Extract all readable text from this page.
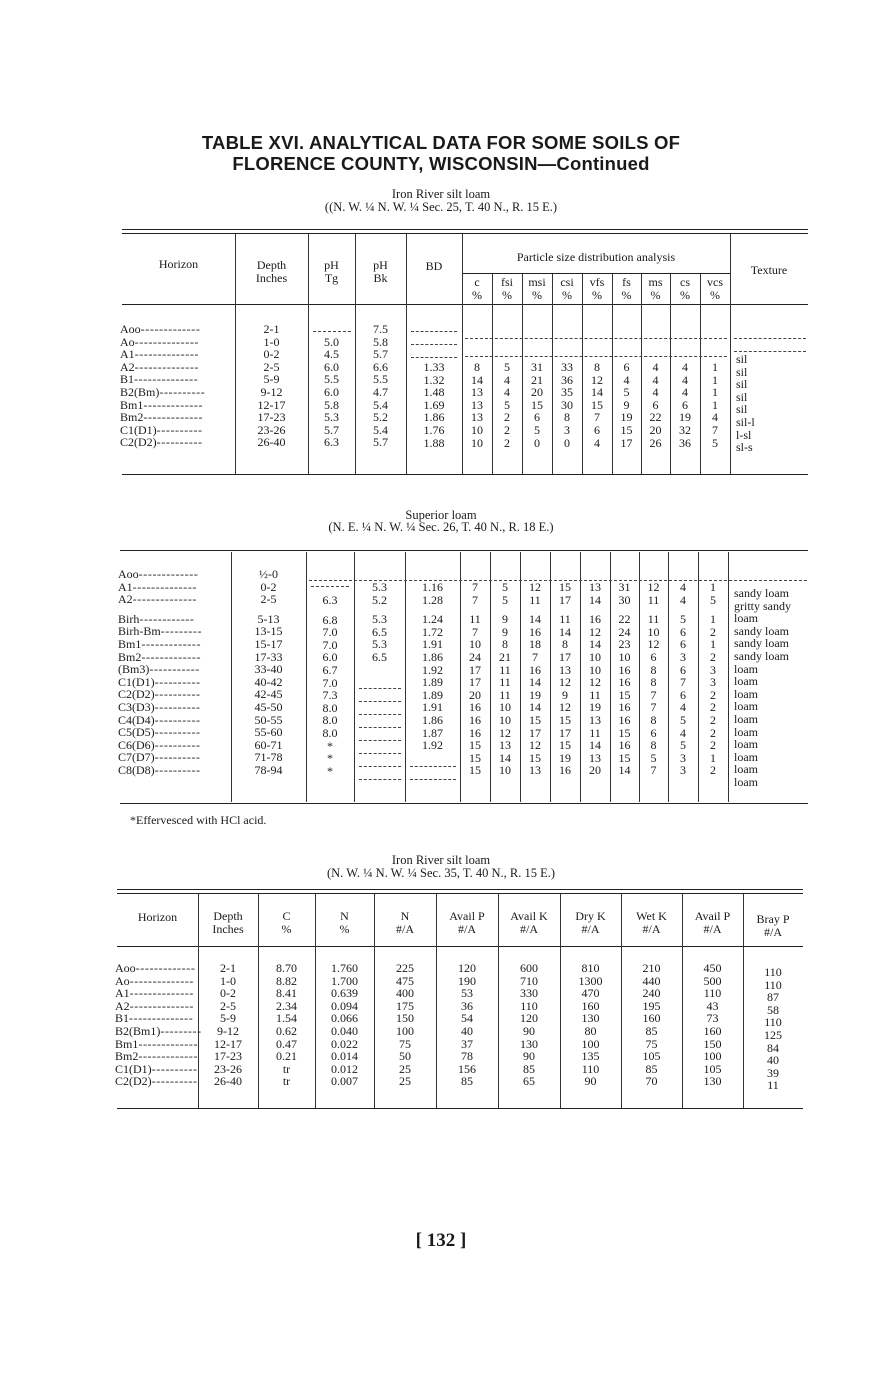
TABLE XVI. ANALYTICAL DATA FOR SOME SOILS OF
FLORENCE COUNTY, WISCONSIN—Continued
Iron River silt loam
((N. W. ¼ N. W. ¼ Sec. 25, T. 40 N., R. 15 E.)
Horizon	Depth
Inches
pH
Tg
pH
Bk
BD
Particle size distribution analysis
c
%
fsi
%
msi
%
csi
%
vfs
%
fs
%
ms
%
cs
%
vcs
%
Texture
Aoo-------------
Ao--------------
A1--------------
A2--------------
B1--------------
B2(Bm)----------
Bm1-------------
Bm2-------------
C1(D1)----------
C2(D2)----------
2-1
1-0
0-2
2-5
5-9
9-12
12-17
17-23
23-26
26-40
5.0
4.5
6.0
5.5
6.0
5.8
5.3
5.7
6.3
7.5
5.8
5.7
6.6
5.5
4.7
5.4
5.2
5.4
5.7
1.33
1.32
1.48
1.69
1.86
1.76
1.88
8
14
13
13
13
10
10
5
4
4
5
2
2
2
31
21
20
15
6
5
0
33
36
35
30
8
3
0
8
12
14
15
7
6
4
6
4
5
9
19
15
17
4
4
4
6
22
20
26
4
4
4
6
19
32
36
1
1
1
1
4
7
5
sil
sil
sil
sil
sil
sil-l
l-sl
sl-s
Superior loam
(N. E. ¼ N. W. ¼ Sec. 26, T. 40 N., R. 18 E.)
Aoo-------------
A1--------------
A2--------------
Birh------------
Birh-Bm---------
Bm1-------------
Bm2-------------
(Bm3)-----------
C1(D1)----------
C2(D2)----------
C3(D3)----------
C4(D4)----------
C5(D5)----------
C6(D6)----------
C7(D7)----------
C8(D8)----------
½-0
0-2
2-5
5-13
13-15
15-17
17-33
33-40
40-42
42-45
45-50
50-55
55-60
60-71
71-78
78-94
6.3
6.8
7.0
7.0
6.0
6.7
7.0
7.3
8.0
8.0
8.0
*
*
*
5.3
5.2
5.3
6.5
5.3
6.5
1.16
1.28
1.24
1.72
1.91
1.86
1.92
1.89
1.89
1.91
1.86
1.87
1.92
7
7
11
7
10
24
17
17
20
16
16
16
15
15
15
5
5
9
9
8
21
11
11
11
10
10
12
13
14
10
12
11
14
16
18
7
16
14
19
14
15
17
12
15
13
15
17
11
14
8
17
13
12
9
12
15
17
15
19
16
13
14
16
12
14
10
10
12
11
19
13
11
14
13
20
31
30
22
24
23
10
16
16
15
16
16
15
16
15
14
12
11
11
10
12
6
8
8
7
7
8
6
8
5
7
4
4
5
6
6
3
6
7
6
4
5
4
5
3
3
1
5
1
2
1
2
3
3
2
2
2
2
2
1
2
sandy loam
gritty sandy
loam
sandy loam
sandy loam
sandy loam
loam
loam
loam
loam
loam
loam
loam
loam
loam
loam
*Effervesced with HCl acid.
Iron River silt loam
(N. W. ¼ N. W. ¼ Sec. 35, T. 40 N., R. 15 E.)
Horizon	Depth
Inches
C
%
N
%
N
#/A
Avail P
#/A
Avail K
#/A
Dry K
#/A
Wet K
#/A
Avail P
#/A
Bray P
#/A
Aoo-------------
Ao--------------
A1--------------
A2--------------
B1--------------
B2(Bm1)---------
Bm1-------------
Bm2-------------
C1(D1)----------
C2(D2)----------
2-1
1-0
0-2
2-5
5-9
9-12
12-17
17-23
23-26
26-40
8.70
8.82
8.41
2.34
1.54
0.62
0.47
0.21
tr
tr
1.760
1.700
0.639
0.094
0.066
0.040
0.022
0.014
0.012
0.007
225
475
400
175
150
100
75
50
25
25
120
190
53
36
54
40
37
78
156
85
600
710
330
110
120
90
130
90
85
65
810
1300
470
160
130
80
100
135
110
90
210
440
240
195
160
85
75
105
85
70
450
500
110
43
73
160
150
100
105
130
110
110
87
58
110
125
84
40
39
11
[ 132 ]
